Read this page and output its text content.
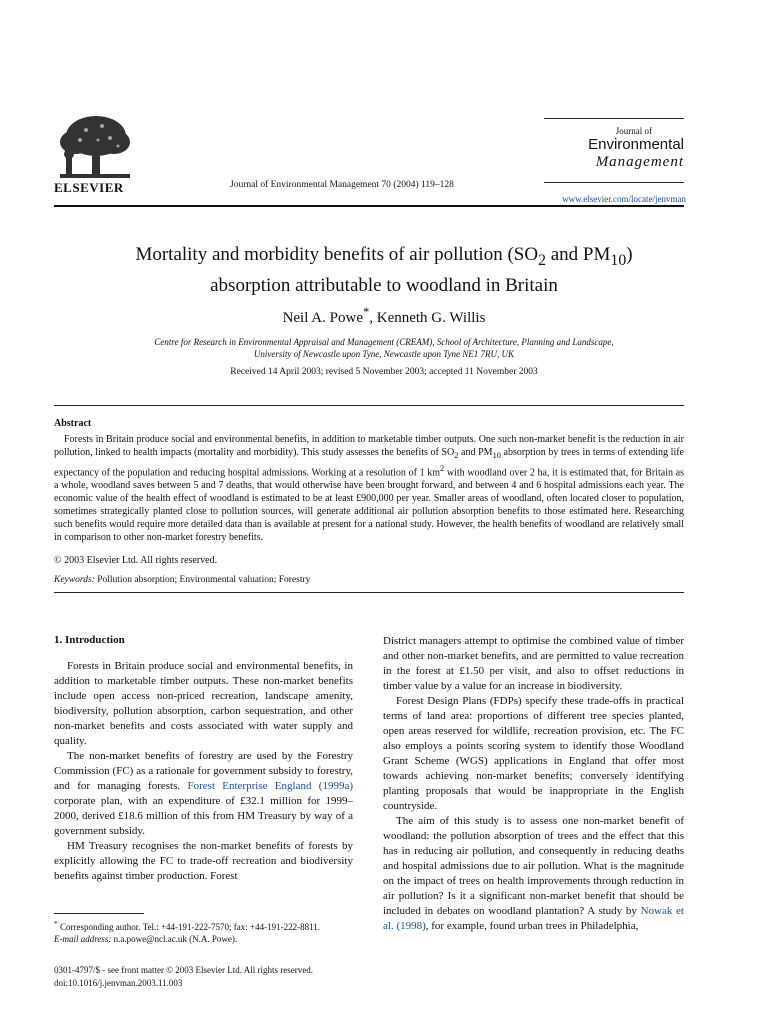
ELSEVIER	Journal of Environmental Management 70 (2004) 119–128
Journal of
Environmental
Management
www.elsevier.com/locate/jenvman
Mortality and morbidity benefits of air pollution ($SO_2$ and $PM_{10}$)
absorption attributable to woodland in Britain
Neil A. Powe*, Kenneth G. Willis
Centre for Research in Environmental Appraisal and Management (CREAM), School of Architecture, Planning and Landscape,
University of Newcastle upon Tyne, Newcastle upon Tyne NE1 7RU, UK
Received 14 April 2003; revised 5 November 2003; accepted 11 November 2003
Abstract

Forests in Britain produce social and environmental benefits, in addition to marketable timber outputs. One such non-market benefit is the reduction in air pollution, linked to health impacts (mortality and morbidity). This study assesses the benefits of $SO_2$ and $PM_{10}$ absorption by trees in terms of extending life expectancy of the population and reducing hospital admissions. Working at a resolution of 1 $km^2$ with woodland over 2 ha, it is estimated that, for Britain as a whole, woodland saves between 5 and 7 deaths, that would otherwise have been brought forward, and between 4 and 6 hospital admissions each year. The economic value of the health effect of woodland is estimated to be at least £900,000 per year. Smaller areas of woodland, often located closer to population, sometimes strategically planted close to pollution sources, will generate additional air pollution absorption benefits to those estimated here. Researching such benefits would require more detailed data than is available at present for a national study. However, the health benefits of woodland are relatively small in comparison to other non-market forestry benefits.

© 2003 Elsevier Ltd. All rights reserved.
Keywords: Pollution absorption; Environmental valuation; Forestry
1. Introduction

Forests in Britain produce social and environmental benefits, in addition to marketable timber outputs. These non-market benefits include open access non-priced recreation, landscape amenity, biodiversity, pollution absorption, carbon sequestration, and other non-market benefits and costs associated with water supply and quality.

The non-market benefits of forestry are used by the Forestry Commission (FC) as a rationale for government subsidy to forestry, and for managing forests. Forest Enterprise England (1999a) corporate plan, with an expenditure of £32.1 million for 1999–2000, derived £18.6 million of this from HM Treasury by way of a government subsidy.

HM Treasury recognises the non-market benefits of forests by explicitly allowing the FC to trade-off recreation and biodiversity benefits against timber production. Forest

District managers attempt to optimise the combined value of timber and other non-market benefits, and are permitted to value recreation in the forest at £1.50 per visit, and also to offset reductions in timber value by a value for an increase in biodiversity.

Forest Design Plans (FDPs) specify these trade-offs in practical terms of land area: proportions of different tree species planted, open areas reserved for wildlife, recreation provision, etc. The FC also employs a points scoring system to identify those Woodland Grant Scheme (WGS) applications in England that offer most towards achieving non-market benefits; conversely identifying planting proposals that would be inappropriate in the English countryside.

The aim of this study is to assess one non-market benefit of woodland: the pollution absorption of trees and the effect that this has in reducing air pollution, and consequently in reducing deaths and hospital admissions due to air pollution. What is the magnitude on the impact of trees on health improvements through reduction in air pollution? Is it a significant non-market benefit that should be included in debates on woodland plantation? A study by Nowak et al. (1998), for example, found urban trees in Philadelphia,

* Corresponding author. Tel.: +44-191-222-7570; fax: +44-191-222-8811.

E-mail address: n.a.powe@ncl.ac.uk (N.A. Powe).

0301-4797/$ - see front matter © 2003 Elsevier Ltd. All rights reserved.
doi:10.1016/j.jenvman.2003.11.003
